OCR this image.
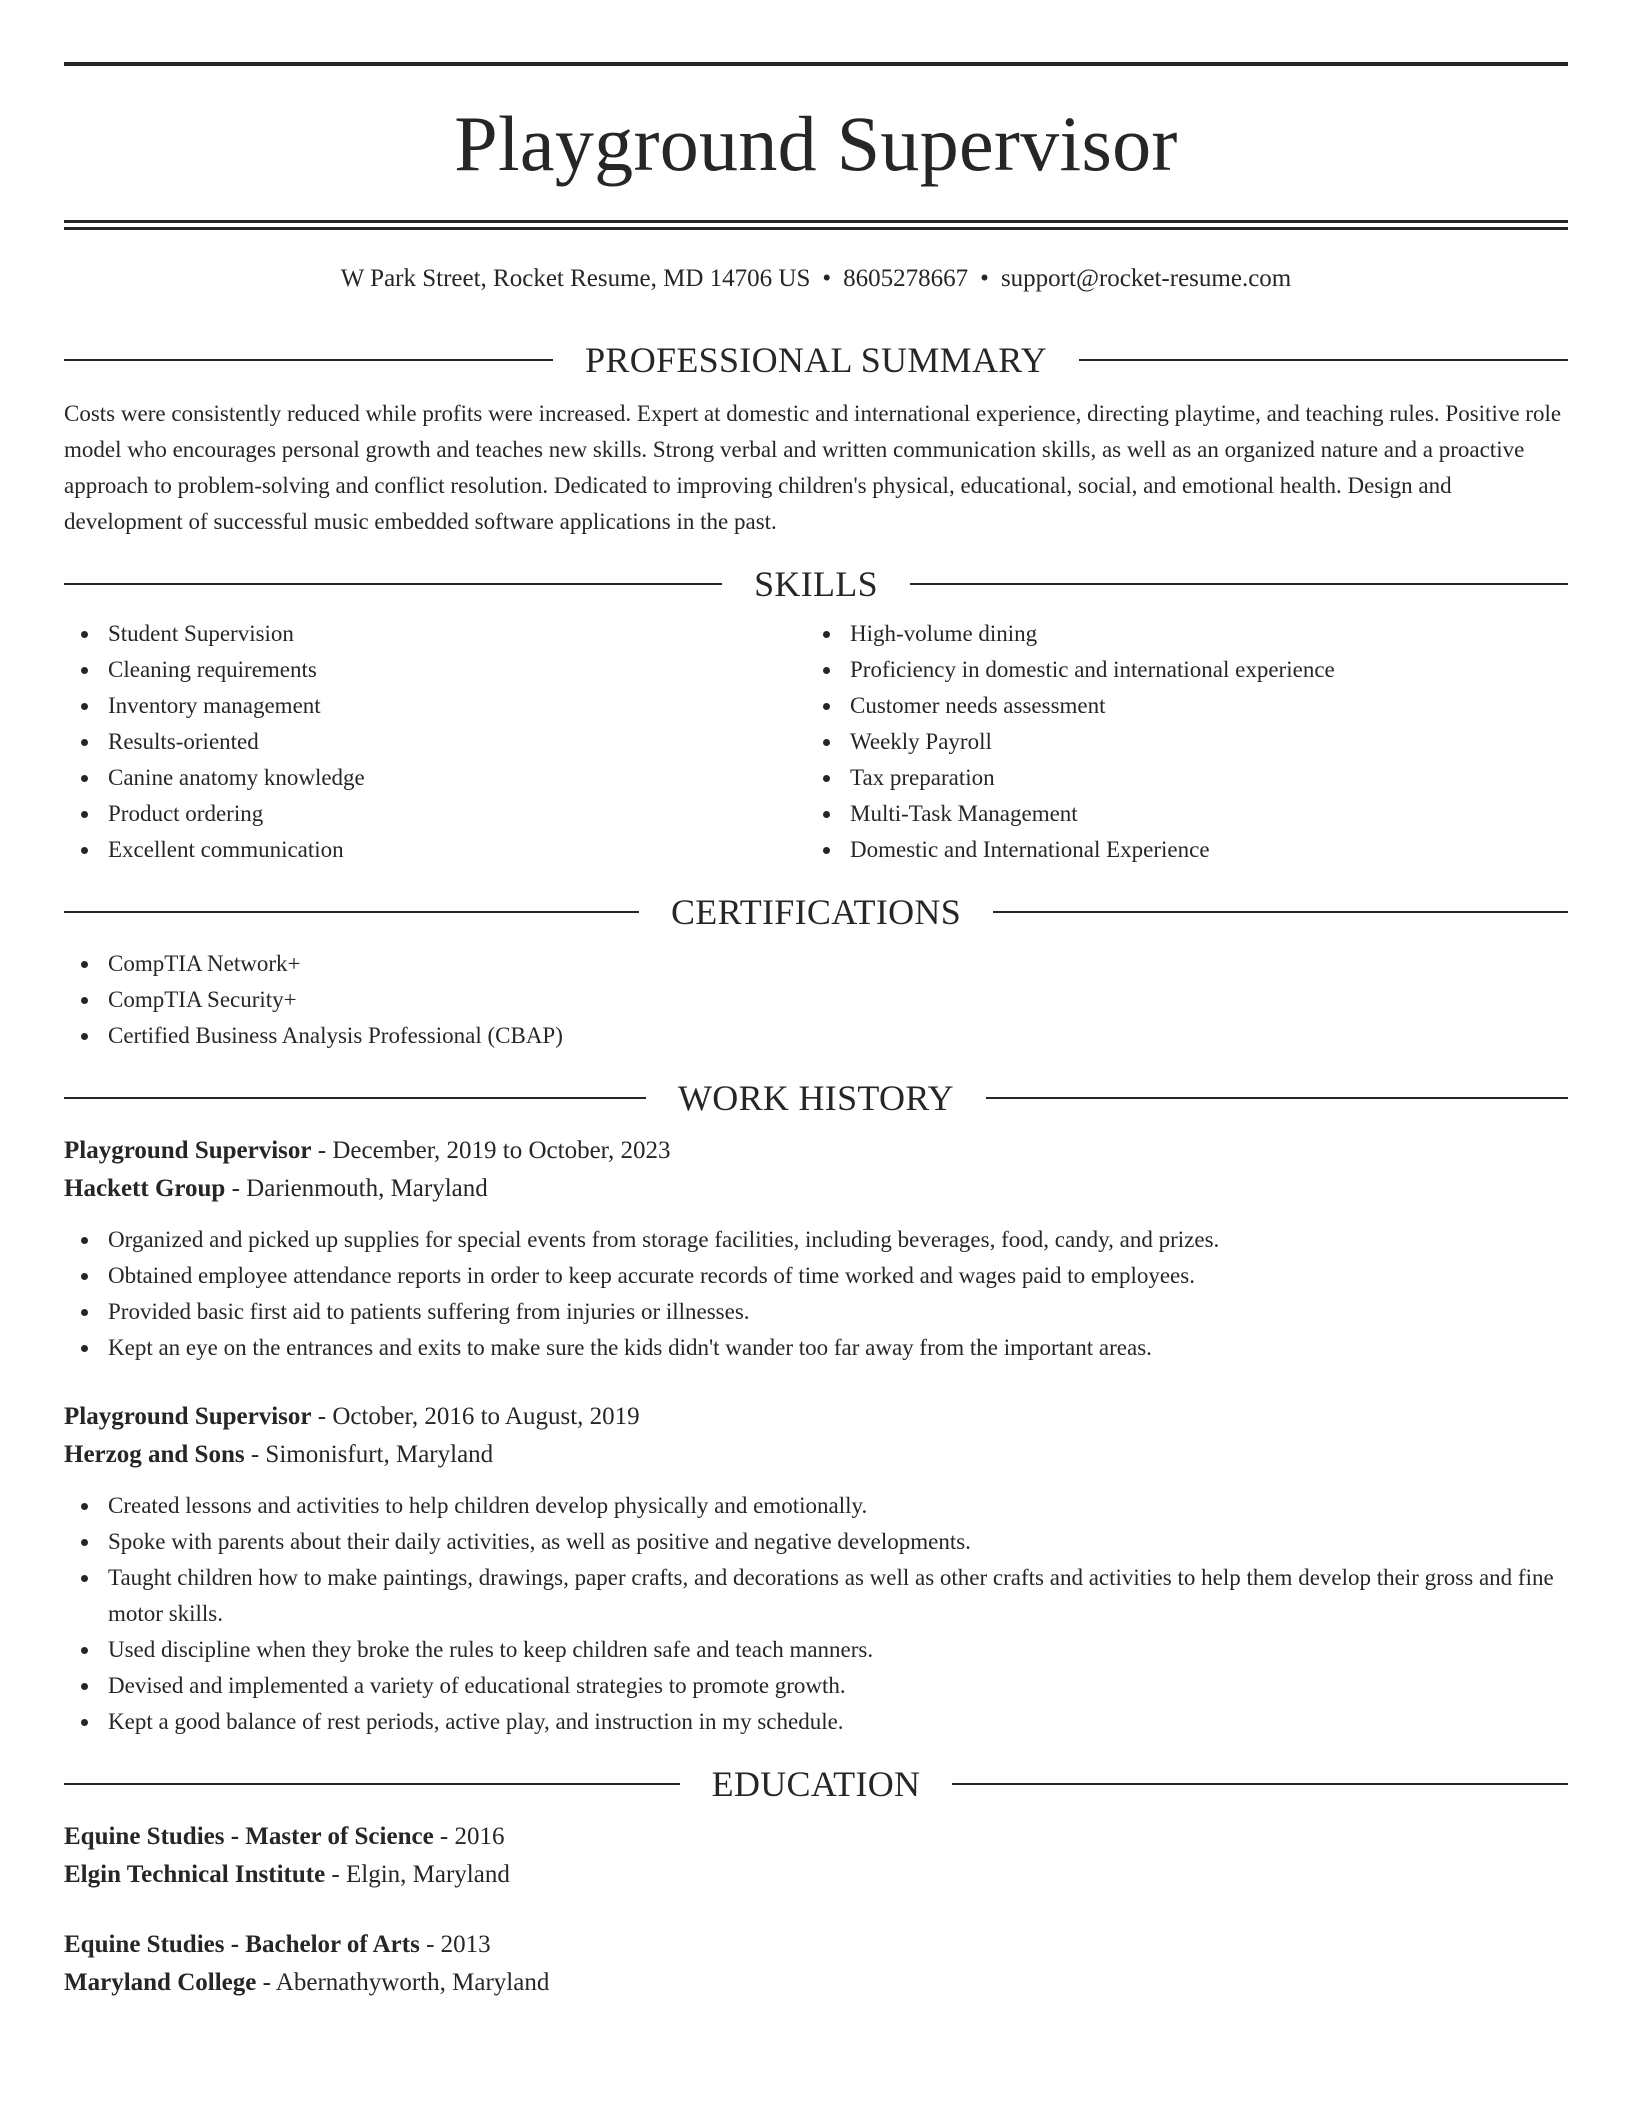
Playground Supervisor
W Park Street, Rocket Resume, MD 14706 US • 8605278667 • support@rocket-resume.com
PROFESSIONAL SUMMARY
Costs were consistently reduced while profits were increased. Expert at domestic and international experience, directing playtime, and teaching rules. Positive role model who encourages personal growth and teaches new skills. Strong verbal and written communication skills, as well as an organized nature and a proactive approach to problem-solving and conflict resolution. Dedicated to improving children's physical, educational, social, and emotional health. Design and development of successful music embedded software applications in the past.
SKILLS
Student Supervision
Cleaning requirements
Inventory management
Results-oriented
Canine anatomy knowledge
Product ordering
Excellent communication
High-volume dining
Proficiency in domestic and international experience
Customer needs assessment
Weekly Payroll
Tax preparation
Multi-Task Management
Domestic and International Experience
CERTIFICATIONS
CompTIA Network+
CompTIA Security+
Certified Business Analysis Professional (CBAP)
WORK HISTORY
Playground Supervisor - December, 2019 to October, 2023
Hackett Group - Darienmouth, Maryland
Organized and picked up supplies for special events from storage facilities, including beverages, food, candy, and prizes.
Obtained employee attendance reports in order to keep accurate records of time worked and wages paid to employees.
Provided basic first aid to patients suffering from injuries or illnesses.
Kept an eye on the entrances and exits to make sure the kids didn't wander too far away from the important areas.
Playground Supervisor - October, 2016 to August, 2019
Herzog and Sons - Simonisfurt, Maryland
Created lessons and activities to help children develop physically and emotionally.
Spoke with parents about their daily activities, as well as positive and negative developments.
Taught children how to make paintings, drawings, paper crafts, and decorations as well as other crafts and activities to help them develop their gross and fine motor skills.
Used discipline when they broke the rules to keep children safe and teach manners.
Devised and implemented a variety of educational strategies to promote growth.
Kept a good balance of rest periods, active play, and instruction in my schedule.
EDUCATION
Equine Studies - Master of Science - 2016
Elgin Technical Institute - Elgin, Maryland
Equine Studies - Bachelor of Arts - 2013
Maryland College - Abernathyworth, Maryland
